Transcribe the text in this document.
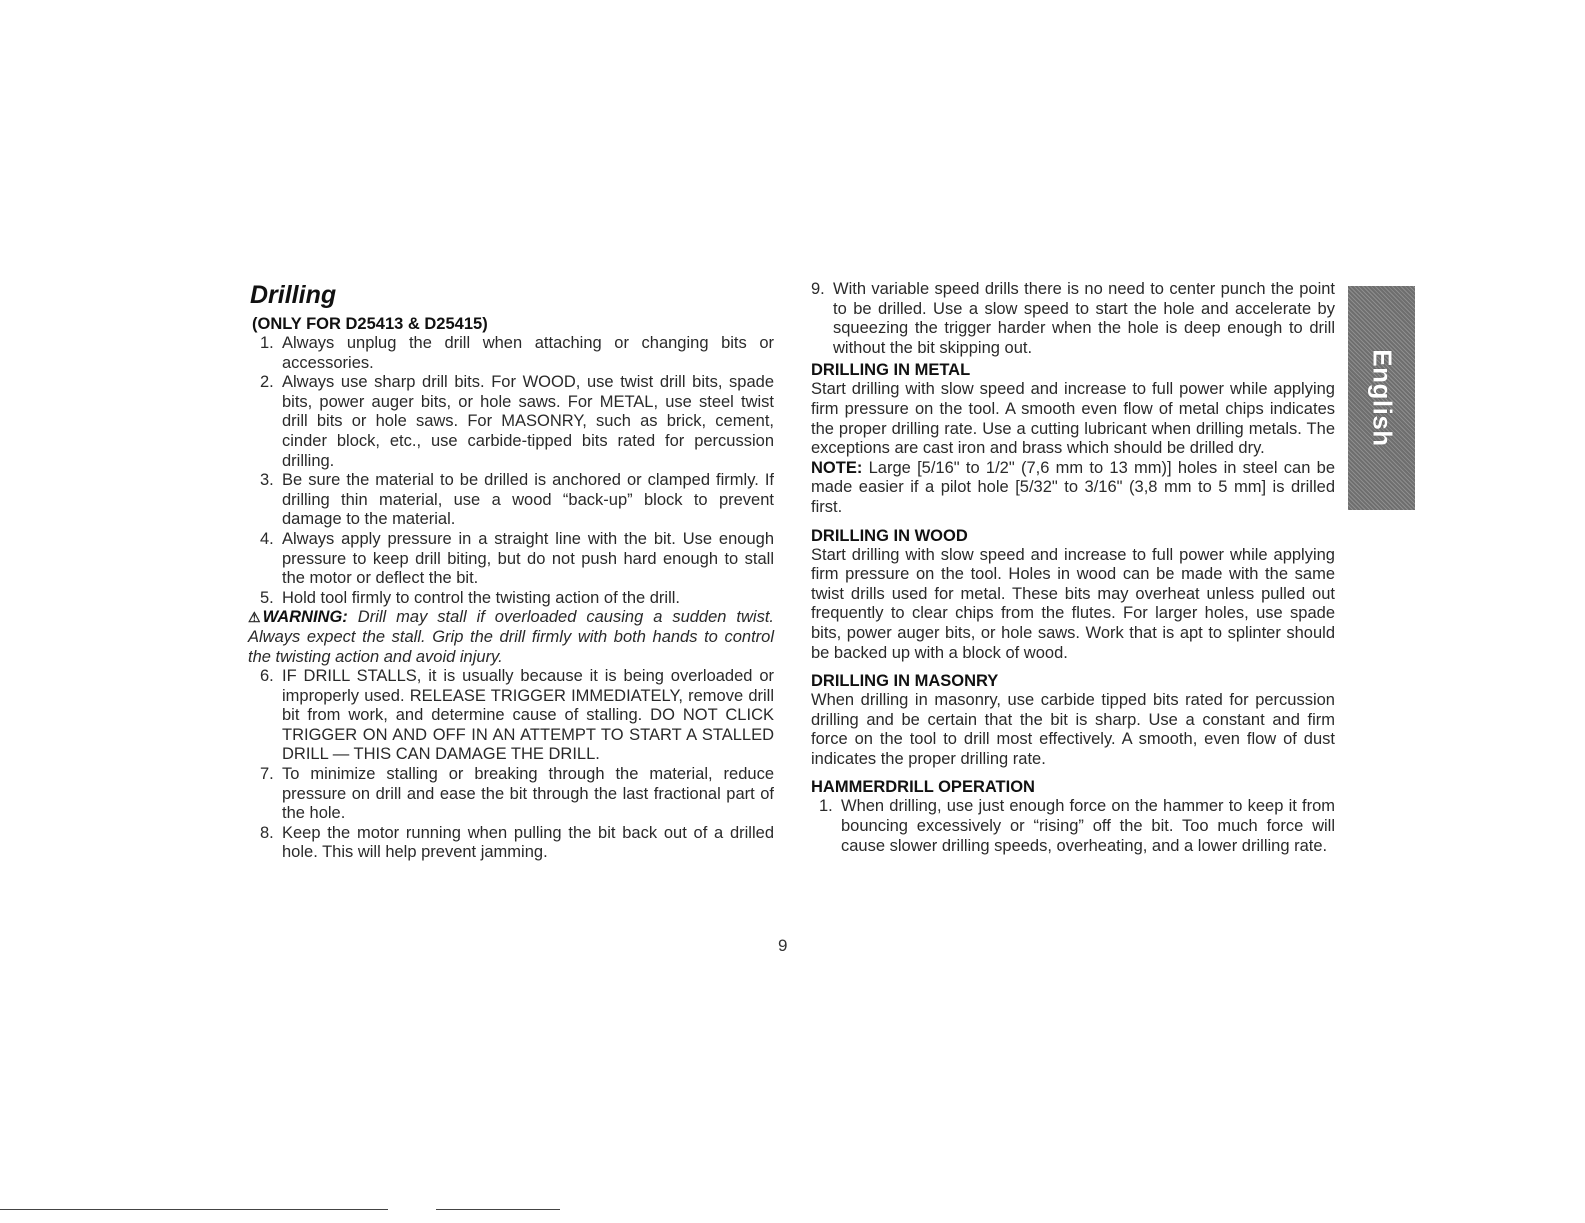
Drilling
(ONLY FOR D25413 & D25415)
1. Always unplug the drill when attaching or changing bits or accessories.
2. Always use sharp drill bits. For WOOD, use twist drill bits, spade bits, power auger bits, or hole saws. For METAL, use steel twist drill bits or hole saws. For MASONRY, such as brick, cement, cinder block, etc., use carbide-tipped bits rated for percussion drilling.
3. Be sure the material to be drilled is anchored or clamped firmly. If drilling thin material, use a wood “back-up” block to prevent damage to the material.
4. Always apply pressure in a straight line with the bit. Use enough pressure to keep drill biting, but do not push hard enough to stall the motor or deflect the bit.
5. Hold tool firmly to control the twisting action of the drill.

⚠ WARNING: Drill may stall if overloaded causing a sudden twist. Always expect the stall. Grip the drill firmly with both hands to control the twisting action and avoid injury.

6. IF DRILL STALLS, it is usually because it is being overloaded or improperly used. RELEASE TRIGGER IMMEDIATELY, remove drill bit from work, and determine cause of stalling. DO NOT CLICK TRIGGER ON AND OFF IN AN ATTEMPT TO START A STALLED DRILL — THIS CAN DAMAGE THE DRILL.
7. To minimize stalling or breaking through the material, reduce pressure on drill and ease the bit through the last fractional part of the hole.
8. Keep the motor running when pulling the bit back out of a drilled hole. This will help prevent jamming.
9. With variable speed drills there is no need to center punch the point to be drilled. Use a slow speed to start the hole and accelerate by squeezing the trigger harder when the hole is deep enough to drill without the bit skipping out.
DRILLING IN METAL

Start drilling with slow speed and increase to full power while applying firm pressure on the tool. A smooth even flow of metal chips indicates the proper drilling rate. Use a cutting lubricant when drilling metals. The exceptions are cast iron and brass which should be drilled dry.

NOTE: Large [5/16" to 1/2" (7,6 mm to 13 mm)] holes in steel can be made easier if a pilot hole [5/32" to 3/16" (3,8 mm to 5 mm] is drilled first.

DRILLING IN WOOD

Start drilling with slow speed and increase to full power while applying firm pressure on the tool. Holes in wood can be made with the same twist drills used for metal. These bits may overheat unless pulled out frequently to clear chips from the flutes. For larger holes, use spade bits, power auger bits, or hole saws. Work that is apt to splinter should be backed up with a block of wood.

DRILLING IN MASONRY

When drilling in masonry, use carbide tipped bits rated for percussion drilling and be certain that the bit is sharp. Use a constant and firm force on the tool to drill most effectively. A smooth, even flow of dust indicates the proper drilling rate.

HAMMERDRILL OPERATION
1. When drilling, use just enough force on the hammer to keep it from bouncing excessively or “rising” off the bit. Too much force will cause slower drilling speeds, overheating, and a lower drilling rate.
English
9
